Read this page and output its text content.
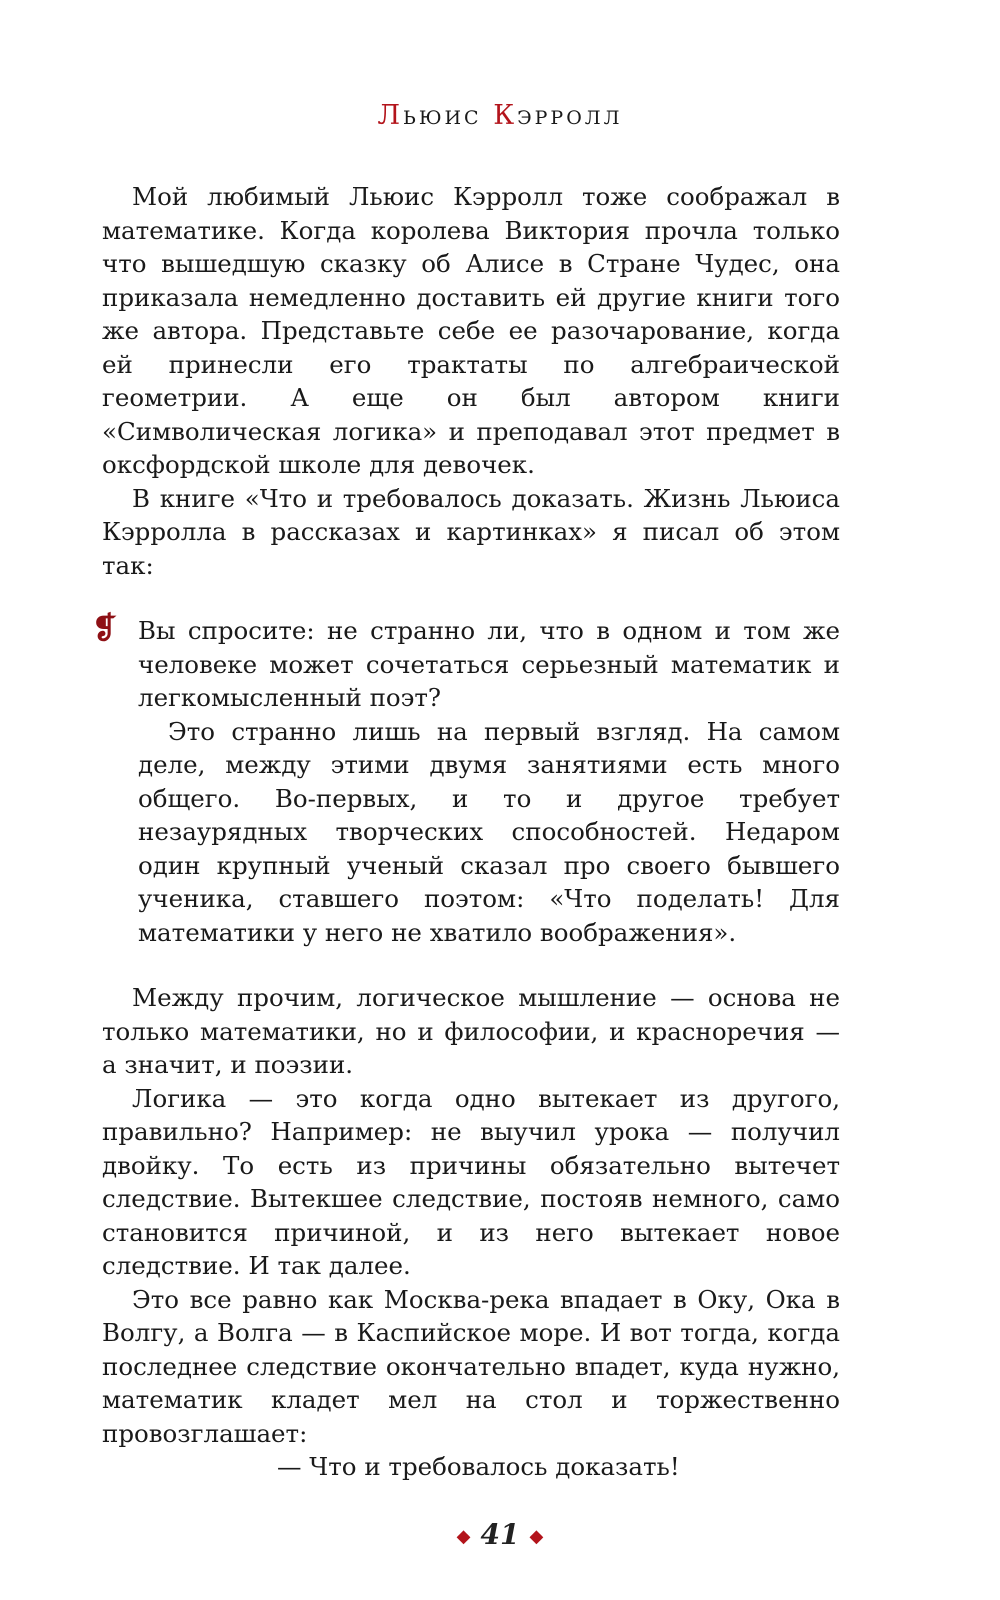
Льюис Кэрролл

Мой любимый Льюис Кэрролл тоже соображал в математике. Когда королева Виктория прочла только что вышедшую сказку об Алисе в Стране Чудес, она приказала немедленно доставить ей другие книги того же автора. Представьте себе ее разочарование, когда ей принесли его трактаты по алгебраической геометрии. А еще он был автором книги «Символическая логика» и преподавал этот предмет в оксфордской школе для девочек.

В книге «Что и требовалось доказать. Жизнь Льюиса Кэрролла в рассказах и картинках» я писал об этом так:

❡ Вы спросите: не странно ли, что в одном и том же человеке может сочетаться серьезный математик и легкомысленный поэт?

Это странно лишь на первый взгляд. На самом деле, между этими двумя занятиями есть много общего. Во-первых, и то и другое требует незаурядных творческих способностей. Недаром один крупный ученый сказал про своего бывшего ученика, ставшего поэтом: «Что поделать! Для математики у него не хватило воображения».

Между прочим, логическое мышление — основа не только математики, но и философии, и красноречия — а значит, и поэзии.

Логика — это когда одно вытекает из другого, правильно? Например: не выучил урока — получил двойку. То есть из причины обязательно вытечет следствие. Вытекшее следствие, постояв немного, само становится причиной, и из него вытекает новое следствие. И так далее.

Это все равно как Москва-река впадает в Оку, Ока в Волгу, а Волга — в Каспийское море. И вот тогда, когда последнее следствие окончательно впадет, куда нужно, математик кладет мел на стол и торжественно провозглашает:

— Что и требовалось доказать!

◆ 41 ◆
